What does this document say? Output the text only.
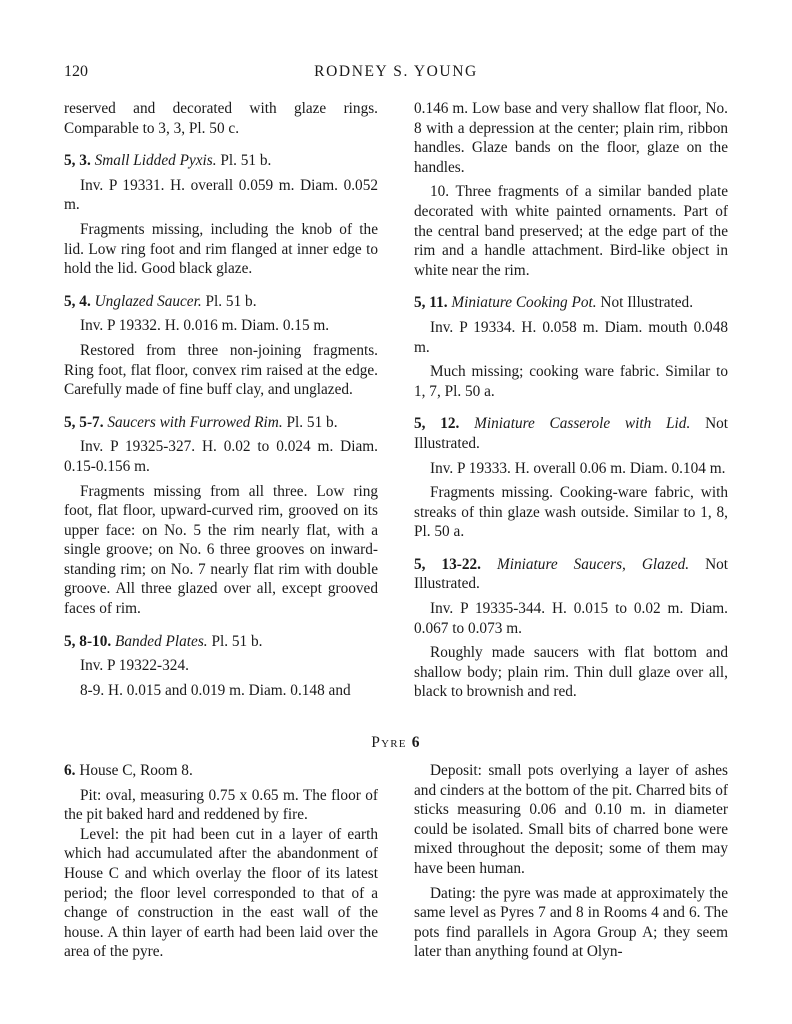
120	RODNEY S. YOUNG

reserved and decorated with glaze rings. Comparable to 3, 3, Pl. 50 c.

5, 3. Small Lidded Pyxis. Pl. 51 b.

Inv. P 19331. H. overall 0.059 m. Diam. 0.052 m.

Fragments missing, including the knob of the lid. Low ring foot and rim flanged at inner edge to hold the lid. Good black glaze.

5, 4. Unglazed Saucer. Pl. 51 b.

Inv. P 19332. H. 0.016 m. Diam. 0.15 m.

Restored from three non-joining fragments. Ring foot, flat floor, convex rim raised at the edge. Carefully made of fine buff clay, and unglazed.

5, 5-7. Saucers with Furrowed Rim. Pl. 51 b.

Inv. P 19325-327. H. 0.02 to 0.024 m. Diam. 0.15-0.156 m.

Fragments missing from all three. Low ring foot, flat floor, upward-curved rim, grooved on its upper face: on No. 5 the rim nearly flat, with a single groove; on No. 6 three grooves on inward-standing rim; on No. 7 nearly flat rim with double groove. All three glazed over all, except grooved faces of rim.

5, 8-10. Banded Plates. Pl. 51 b.

Inv. P 19322-324.

8-9. H. 0.015 and 0.019 m. Diam. 0.148 and

0.146 m. Low base and very shallow flat floor, No. 8 with a depression at the center; plain rim, ribbon handles. Glaze bands on the floor, glaze on the handles.

10. Three fragments of a similar banded plate decorated with white painted ornaments. Part of the central band preserved; at the edge part of the rim and a handle attachment. Bird-like object in white near the rim.

5, 11. Miniature Cooking Pot. Not Illustrated.

Inv. P 19334. H. 0.058 m. Diam. mouth 0.048 m.

Much missing; cooking ware fabric. Similar to 1, 7, Pl. 50 a.

5, 12. Miniature Casserole with Lid. Not Illustrated.

Inv. P 19333. H. overall 0.06 m. Diam. 0.104 m.

Fragments missing. Cooking-ware fabric, with streaks of thin glaze wash outside. Similar to 1, 8, Pl. 50 a.

5, 13-22. Miniature Saucers, Glazed. Not Illustrated.

Inv. P 19335-344. H. 0.015 to 0.02 m. Diam. 0.067 to 0.073 m.

Roughly made saucers with flat bottom and shallow body; plain rim. Thin dull glaze over all, black to brownish and red.

Pyre 6

6. House C, Room 8.

Pit: oval, measuring 0.75 x 0.65 m. The floor of the pit baked hard and reddened by fire.

Level: the pit had been cut in a layer of earth which had accumulated after the abandonment of House C and which overlay the floor of its latest period; the floor level corresponded to that of a change of construction in the east wall of the house. A thin layer of earth had been laid over the area of the pyre.

Deposit: small pots overlying a layer of ashes and cinders at the bottom of the pit. Charred bits of sticks measuring 0.06 and 0.10 m. in diameter could be isolated. Small bits of charred bone were mixed throughout the deposit; some of them may have been human.

Dating: the pyre was made at approximately the same level as Pyres 7 and 8 in Rooms 4 and 6. The pots find parallels in Agora Group A; they seem later than anything found at Olyn-
